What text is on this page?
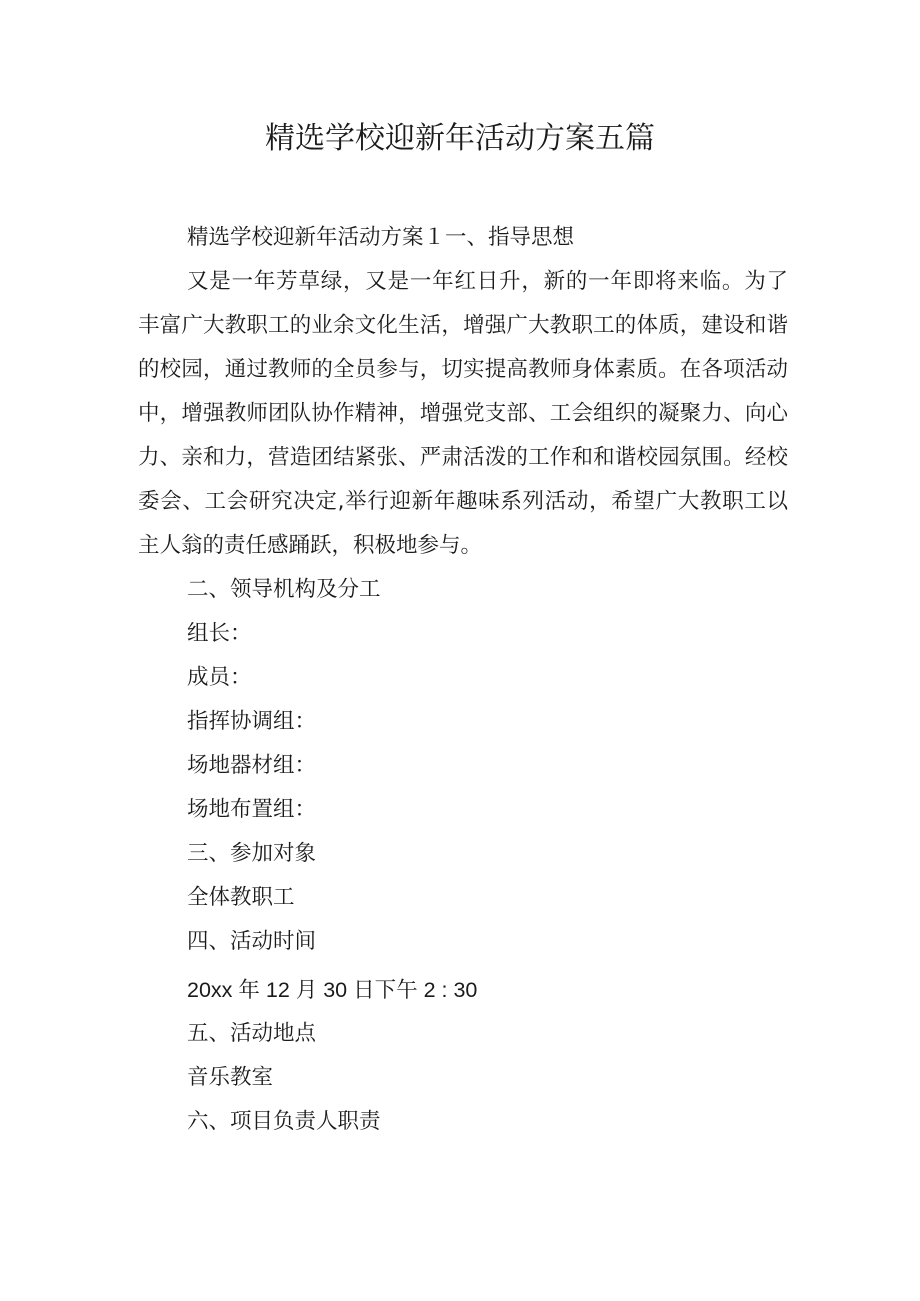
精选学校迎新年活动方案五篇

精选学校迎新年活动方案１一、指导思想

又是一年芳草绿，又是一年红日升，新的一年即将来临。为了丰富广大教职工的业余文化生活，增强广大教职工的体质，建设和谐的校园，通过教师的全员参与，切实提高教师身体素质。在各项活动中，增强教师团队协作精神，增强党支部、工会组织的凝聚力、向心力、亲和力，营造团结紧张、严肃活泼的工作和和谐校园氛围。经校委会、工会研究决定,举行迎新年趣味系列活动，希望广大教职工以主人翁的责任感踊跃，积极地参与。

二、领导机构及分工

组长：

成员：

指挥协调组：

场地器材组：

场地布置组：

三、参加对象

全体教职工

四、活动时间

20xx 年 12 月 30 日下午 2 : 30

五、活动地点

音乐教室

六、项目负责人职责
